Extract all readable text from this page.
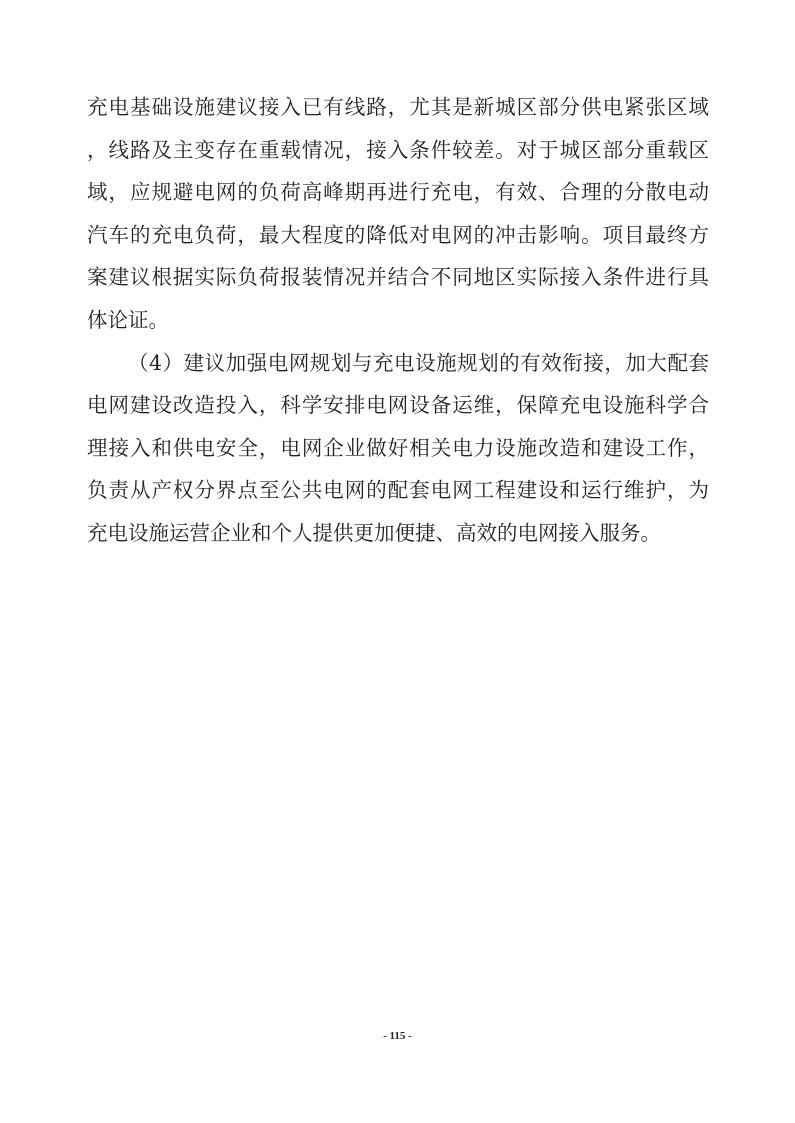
充电基础设施建议接入已有线路，尤其是新城区部分供电紧张区域
，线路及主变存在重载情况，接入条件较差。对于城区部分重载区
域，应规避电网的负荷高峰期再进行充电，有效、合理的分散电动
汽车的充电负荷，最大程度的降低对电网的冲击影响。项目最终方
案建议根据实际负荷报装情况并结合不同地区实际接入条件进行具
体论证。
（4）建议加强电网规划与充电设施规划的有效衔接，加大配套
电网建设改造投入，科学安排电网设备运维，保障充电设施科学合
理接入和供电安全，电网企业做好相关电力设施改造和建设工作，
负责从产权分界点至公共电网的配套电网工程建设和运行维护，为
充电设施运营企业和个人提供更加便捷、高效的电网接入服务。
- 115 -
